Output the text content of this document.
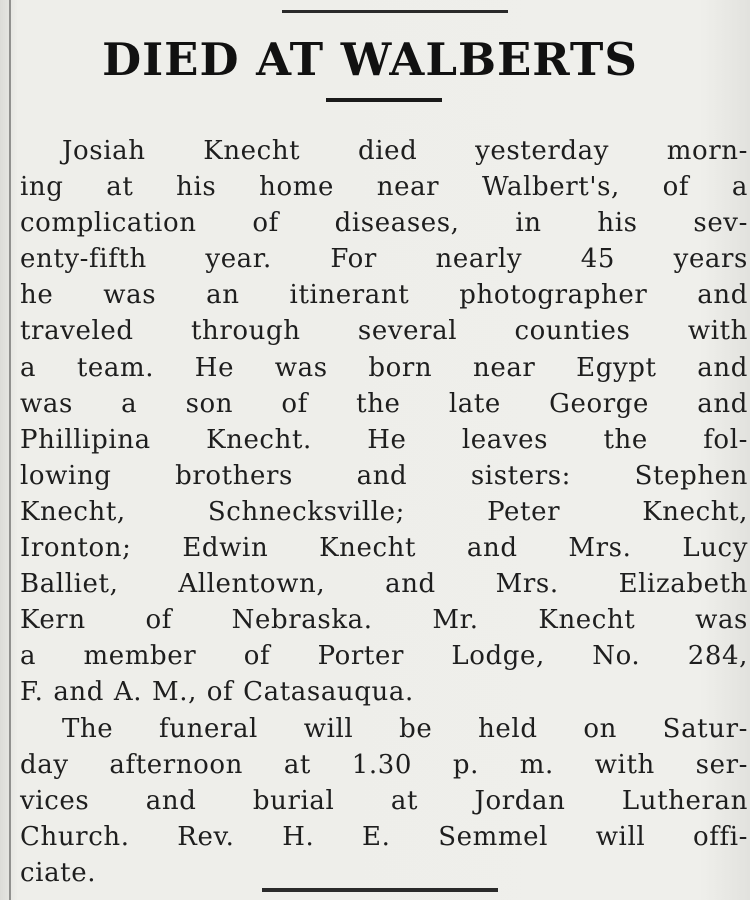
DIED AT WALBERTS
Josiah Knecht died yesterday morn-
ing at his home near Walbert's, of a
complication of diseases, in his sev-
enty-fifth year. For nearly 45 years
he was an itinerant photographer and
traveled through several counties with
a team. He was born near Egypt and
was a son of the late George and
Phillipina Knecht. He leaves the fol-
lowing brothers and sisters: Stephen
Knecht, Schnecksville; Peter Knecht,
Ironton; Edwin Knecht and Mrs. Lucy
Balliet, Allentown, and Mrs. Elizabeth
Kern of Nebraska. Mr. Knecht was
a member of Porter Lodge, No. 284,
F. and A. M., of Catasauqua.
The funeral will be held on Satur-
day afternoon at 1.30 p. m. with ser-
vices and burial at Jordan Lutheran
Church. Rev. H. E. Semmel will offi-
ciate.
